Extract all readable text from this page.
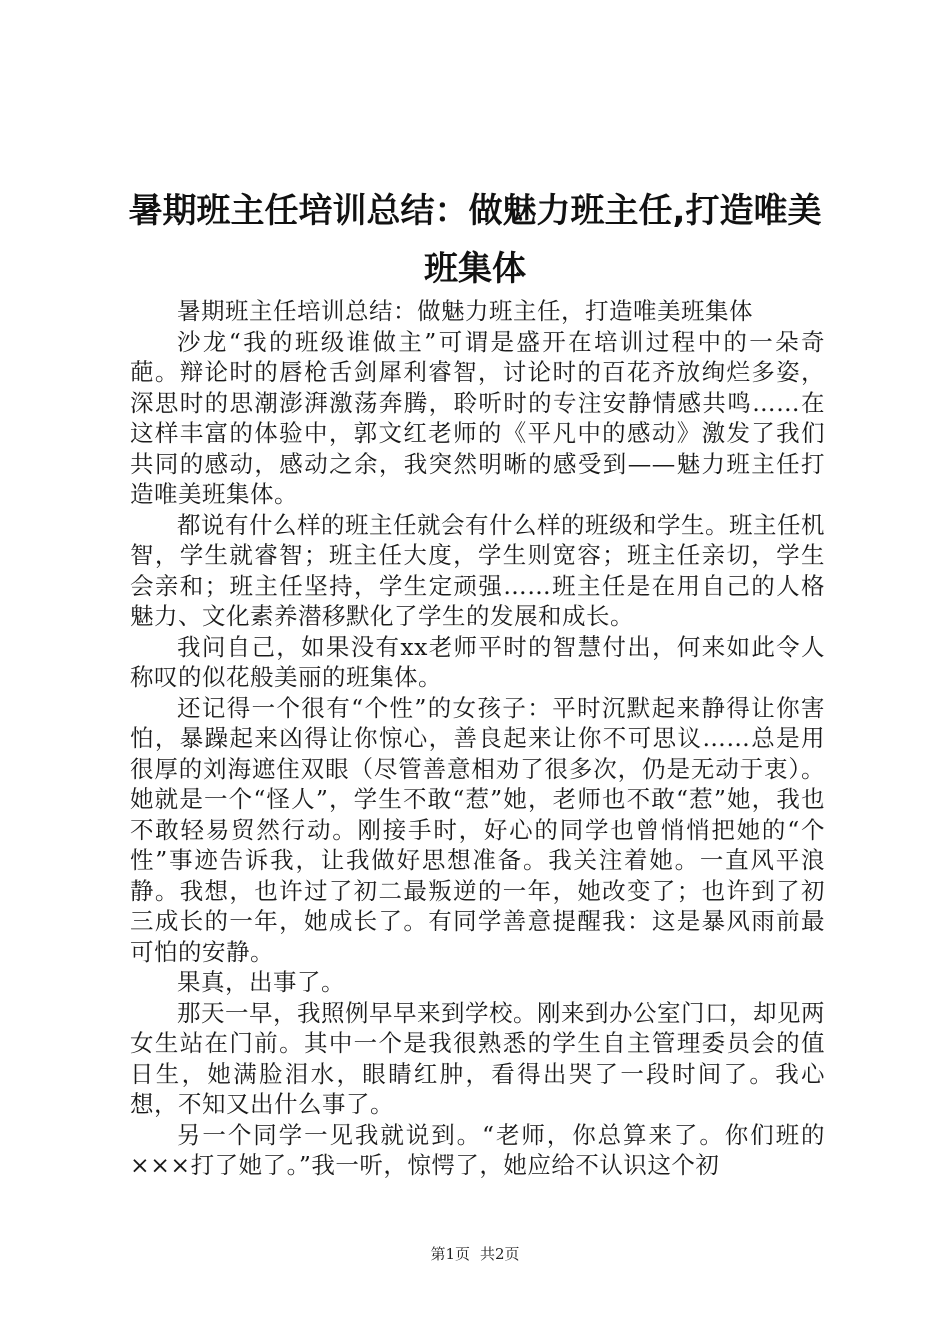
暑期班主任培训总结：做魅力班主任,打造唯美班集体

暑期班主任培训总结：做魅力班主任，打造唯美班集体

沙龙“我的班级谁做主”可谓是盛开在培训过程中的一朵奇葩。辩论时的唇枪舌剑犀利睿智，讨论时的百花齐放绚烂多姿，深思时的思潮澎湃激荡奔腾，聆听时的专注安静情感共鸣……在这样丰富的体验中，郭文红老师的《平凡中的感动》激发了我们共同的感动，感动之余，我突然明晰的感受到——魅力班主任打造唯美班集体。

都说有什么样的班主任就会有什么样的班级和学生。班主任机智，学生就睿智；班主任大度，学生则宽容；班主任亲切，学生会亲和；班主任坚持，学生定顽强……班主任是在用自己的人格魅力、文化素养潜移默化了学生的发展和成长。

我问自己，如果没有xx老师平时的智慧付出，何来如此令人称叹的似花般美丽的班集体。

还记得一个很有“个性”的女孩子：平时沉默起来静得让你害怕，暴躁起来凶得让你惊心，善良起来让你不可思议……总是用很厚的刘海遮住双眼（尽管善意相劝了很多次，仍是无动于衷）。她就是一个“怪人”，学生不敢“惹”她，老师也不敢“惹”她，我也不敢轻易贸然行动。刚接手时，好心的同学也曾悄悄把她的“个性”事迹告诉我，让我做好思想准备。我关注着她。一直风平浪静。我想，也许过了初二最叛逆的一年，她改变了；也许到了初三成长的一年，她成长了。有同学善意提醒我：这是暴风雨前最可怕的安静。

果真，出事了。

那天一早，我照例早早来到学校。刚来到办公室门口，却见两女生站在门前。其中一个是我很熟悉的学生自主管理委员会的值日生，她满脸泪水，眼睛红肿，看得出哭了一段时间了。我心想，不知又出什么事了。

另一个同学一见我就说到。“老师，你总算来了。你们班的×××打了她了。”我一听，惊愕了，她应给不认识这个初

第1页 共2页
